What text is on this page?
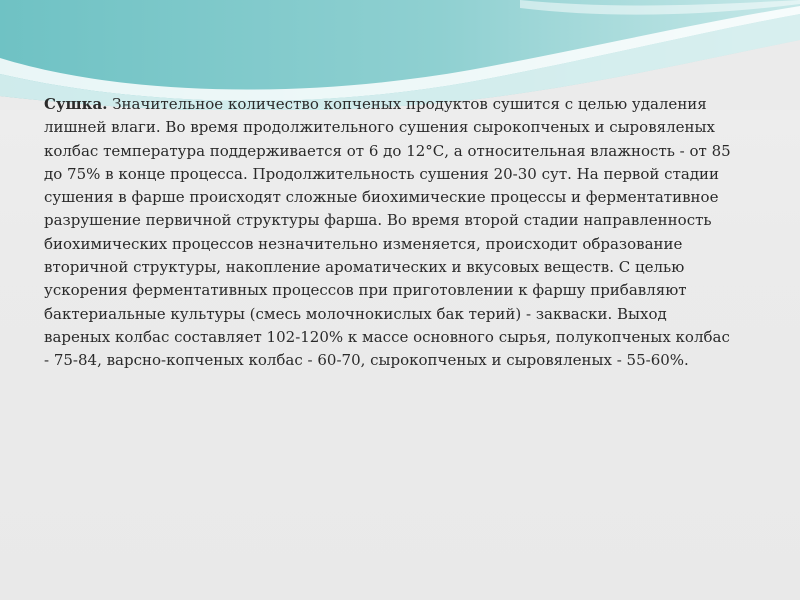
Сушка. Значительное количество копченых продуктов сушится с целью удаления лишней влаги. Во время продолжительного сушения сырокопченых и сыровяленых колбас температура поддерживается от 6 до 12°С, а относительная влажность - от 85 до 75% в конце процесса. Продолжительность сушения 20-30 сут. На первой стадии сушения в фарше происходят сложные биохимические процессы и ферментативное разрушение первичной структуры фарша. Во время второй стадии направленность биохимических процессов незначительно изменяется, происходит образование вторичной структуры, накопление ароматических и вкусовых веществ. С целью ускорения ферментативных процессов при приготовлении к фаршу прибавляют бактериальные культуры (смесь молочнокислых бак терий) - закваски. Выход вареных колбас составляет 102-120% к массе основного сырья, полукопченых колбас - 75-84, варсно-копченых колбас - 60-70, сырокопченых и сыровяленых - 55-60%.
